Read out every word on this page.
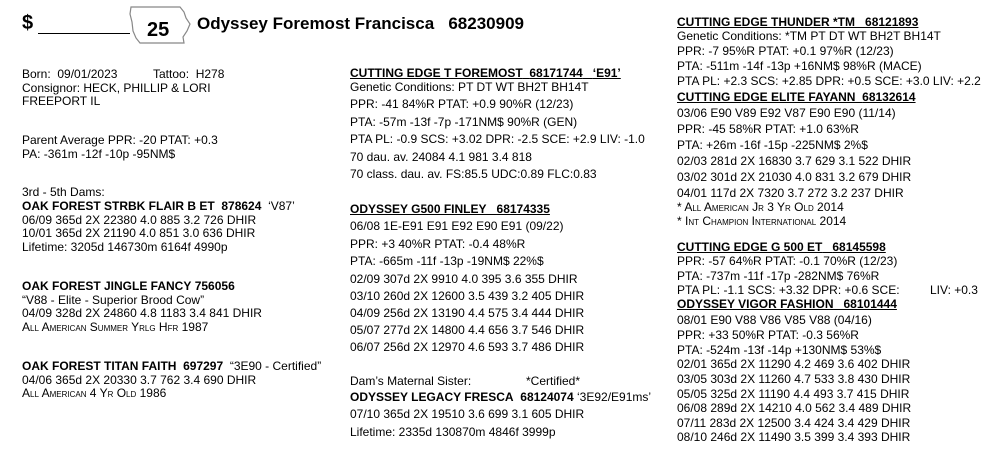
$	25 Odyssey Foremost Francisca 68230909
Born: 09/01/2023	Tattoo: H278
Consignor: HECK, PHILLIP & LORI
FREEPORT IL
Parent Average PPR: -20 PTAT: +0.3
PA: -361m -12f -10p -95NM$
3rd - 5th Dams:
OAK FOREST STRBK FLAIR B ET 878624 ‘V87’
06/09 365d 2X 22380 4.0 885 3.2 726 DHIR
10/01 365d 2X 21190 4.0 851 3.0 636 DHIR
Lifetime: 3205d 146730m 6164f 4990p
OAK FOREST JINGLE FANCY 756056
“V88 - Elite - Superior Brood Cow”
04/09 328d 2X 24860 4.8 1183 3.4 841 DHIR
All American Summer Yrlg Hfr 1987
OAK FOREST TITAN FAITH 697297 “3E90 - Certified”
04/06 365d 2X 20330 3.7 762 3.4 690 DHIR
All American 4 Yr Old 1986
CUTTING EDGE T FOREMOST 68171744 ‘E91’
Genetic Conditions: PT DT WT BH2T BH14T
PPR: -41 84%R PTAT: +0.9 90%R (12/23)
PTA: -57m -13f -7p -171NM$ 90%R (GEN)
PTA PL: -0.9 SCS: +3.02 DPR: -2.5 SCE: +2.9 LIV: -1.0
70 dau. av. 24084 4.1 981 3.4 818
70 class. dau. av. FS:85.5 UDC:0.89 FLC:0.83
ODYSSEY G500 FINLEY 68174335
06/08 1E-E91 E91 E92 E90 E91 (09/22)
PPR: +3 40%R PTAT: -0.4 48%R
PTA: -665m -11f -13p -19NM$ 22%$
02/09 307d 2X 9910 4.0 395 3.6 355 DHIR
03/10 260d 2X 12600 3.5 439 3.2 405 DHIR
04/09 256d 2X 13190 4.4 575 3.4 444 DHIR
05/07 277d 2X 14800 4.4 656 3.7 546 DHIR
06/07 256d 2X 12970 4.6 593 3.7 486 DHIR
Dam’s Maternal Sister:	*Certified*
ODYSSEY LEGACY FRESCA 68124074 ‘3E92/E91ms’
07/10 365d 2X 19510 3.6 699 3.1 605 DHIR
Lifetime: 2335d 130870m 4846f 3999p
CUTTING EDGE THUNDER *TM 68121893
Genetic Conditions: *TM PT DT WT BH2T BH14T
PPR: -7 95%R PTAT: +0.1 97%R (12/23)
PTA: -511m -14f -13p +16NM$ 98%R (MACE)
PTA PL: +2.3 SCS: +2.85 DPR: +0.5 SCE: +3.0 LIV: +2.2
CUTTING EDGE ELITE FAYANN 68132614
03/06 E90 V89 E92 V87 E90 E90 (11/14)
PPR: -45 58%R PTAT: +1.0 63%R
PTA: +26m -16f -15p -225NM$ 2%$
02/03 281d 2X 16830 3.7 629 3.1 522 DHIR
03/02 301d 2X 21030 4.0 831 3.2 679 DHIR
04/01 117d 2X 7320 3.7 272 3.2 237 DHIR
* All American Jr 3 Yr Old 2014
* Int Champion International 2014
CUTTING EDGE G 500 ET 68145598
PPR: -57 64%R PTAT: -0.1 70%R (12/23)
PTA: -737m -11f -17p -282NM$ 76%R
PTA PL: -1.1 SCS: +3.32 DPR: +0.6 SCE:	LIV: +0.3
ODYSSEY VIGOR FASHION 68101444
08/01 E90 V88 V86 V85 V88 (04/16)
PPR: +33 50%R PTAT: -0.3 56%R
PTA: -524m -13f -14p +130NM$ 53%$
02/01 365d 2X 11290 4.2 469 3.6 402 DHIR
03/05 303d 2X 11260 4.7 533 3.8 430 DHIR
05/05 325d 2X 11190 4.4 493 3.7 415 DHIR
06/08 289d 2X 14210 4.0 562 3.4 489 DHIR
07/11 283d 2X 12500 3.4 424 3.4 429 DHIR
08/10 246d 2X 11490 3.5 399 3.4 393 DHIR
